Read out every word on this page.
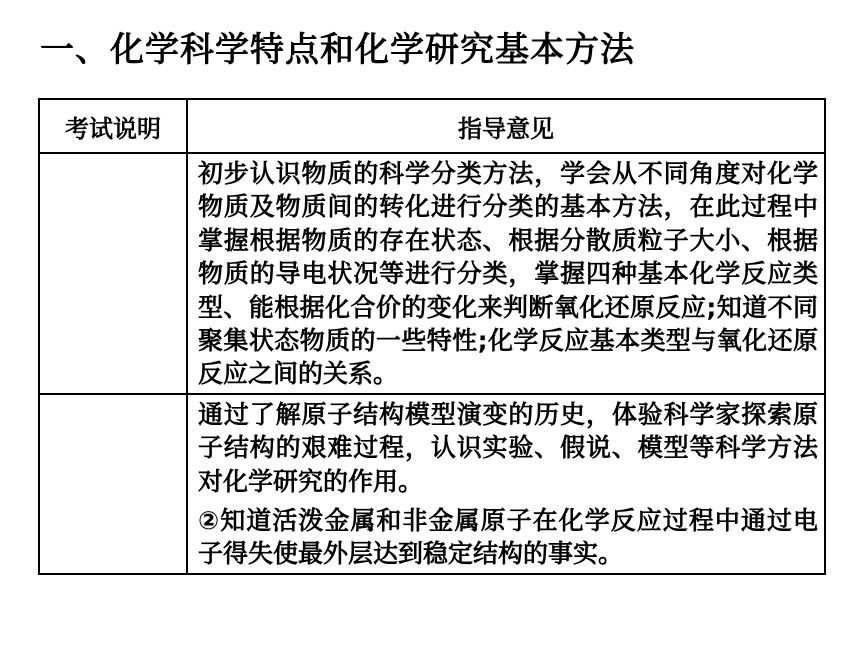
一、化学科学特点和化学研究基本方法
考试说明	指导意见

	初步认识物质的科学分类方法，学会从不同角度对化学物质及物质间的转化进行分类的基本方法，在此过程中掌握根据物质的存在状态、根据分散质粒子大小、根据物质的导电状况等进行分类，掌握四种基本化学反应类型、能根据化合价的变化来判断氧化还原反应;知道不同聚集状态物质的一些特性;化学反应基本类型与氧化还原反应之间的关系。

	通过了解原子结构模型演变的历史，体验科学家探索原子结构的艰难过程，认识实验、假说、模型等科学方法对化学研究的作用。

②知道活泼金属和非金属原子在化学反应过程中通过电子得失使最外层达到稳定结构的事实。
